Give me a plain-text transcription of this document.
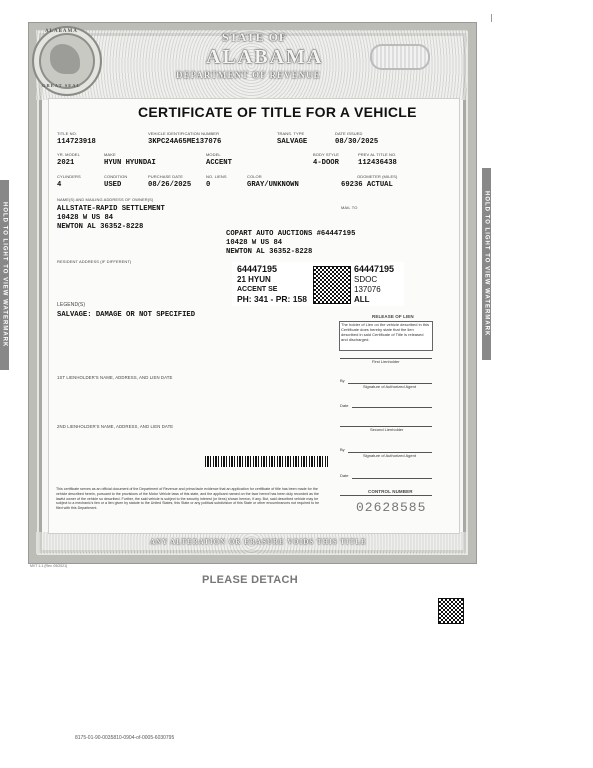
ALABAMA
GREAT SEAL
STATE OF
ALABAMA
DEPARTMENT OF REVENUE
CERTIFICATE OF TITLE FOR A VEHICLE
TITLE NO.
114723918
VEHICLE IDENTIFICATION NUMBER
3KPC24A65ME137076
TRANS. TYPE
SALVAGE
DATE ISSUED
08/30/2025
YR. MODEL
2021
MAKE
HYUN HYUNDAI
MODEL
ACCENT
BODY STYLE
4-DOOR
PREV AL TITLE NO.
112436438
CYLINDERS
4
CONDITION
USED
PURCHASE DATE
08/26/2025
NO. LIENS
0
COLOR
GRAY/UNKNOWN
ODOMETER (MILES)
69236 ACTUAL
NAME(S) AND MAILING ADDRESS OF OWNER(S)
ALLSTATE-RAPID SETTLEMENT
10428 W US 84
NEWTON AL 36352-8228
MAIL TO
COPART AUTO AUCTIONS #64447195
10428 W US 84
NEWTON AL 36352-8228
RESIDENT ADDRESS (IF DIFFERENT)
64447195
21 HYUN
ACCENT SE
PH: 341 - PR: 158
64447195
SDOC
137076
ALL
LEGEND(S)
SALVAGE: DAMAGE OR NOT SPECIFIED	RELEASE OF LIEN
The holder of Lien on the vehicle described in this Certificate does hereby state that the lien described in said Certificate of Title is released and discharged.
First Lienholder
By
Signature of Authorized Agent
Date
Second Lienholder
By
Signature of Authorized Agent
Date
1ST LIENHOLDER'S NAME, ADDRESS, AND LIEN DATE
2ND LIENHOLDER'S NAME, ADDRESS, AND LIEN DATE
This certificate serves as an official document of the Department of Revenue and prima facie evidence that an application for certificate of title has been made for the vehicle described herein, pursuant to the provisions of the Motor Vehicle laws of this state, and the applicant named on the face hereof has been duly recorded as the lawful owner of the vehicle so described. Further, the said vehicle is subject to the security interest (or liens) shown hereon, if any. But, said described vehicle may be subject to a mechanic's lien or a lien given by statute to the United States, this State or any political subdivision of this State or other encumbrances not required to be filed with this Department.
CONTROL NUMBER
02628585
ANY ALTERATION OR ERASURE VOIDS THIS TITLE
MVT 1-1 (Rev. 09/2021)
HOLD TO LIGHT TO VIEW WATERMARK	HOLD TO LIGHT TO VIEW WATERMARK
PLEASE DETACH
8175-01-90-0035810-0904-of-0005-6030795
